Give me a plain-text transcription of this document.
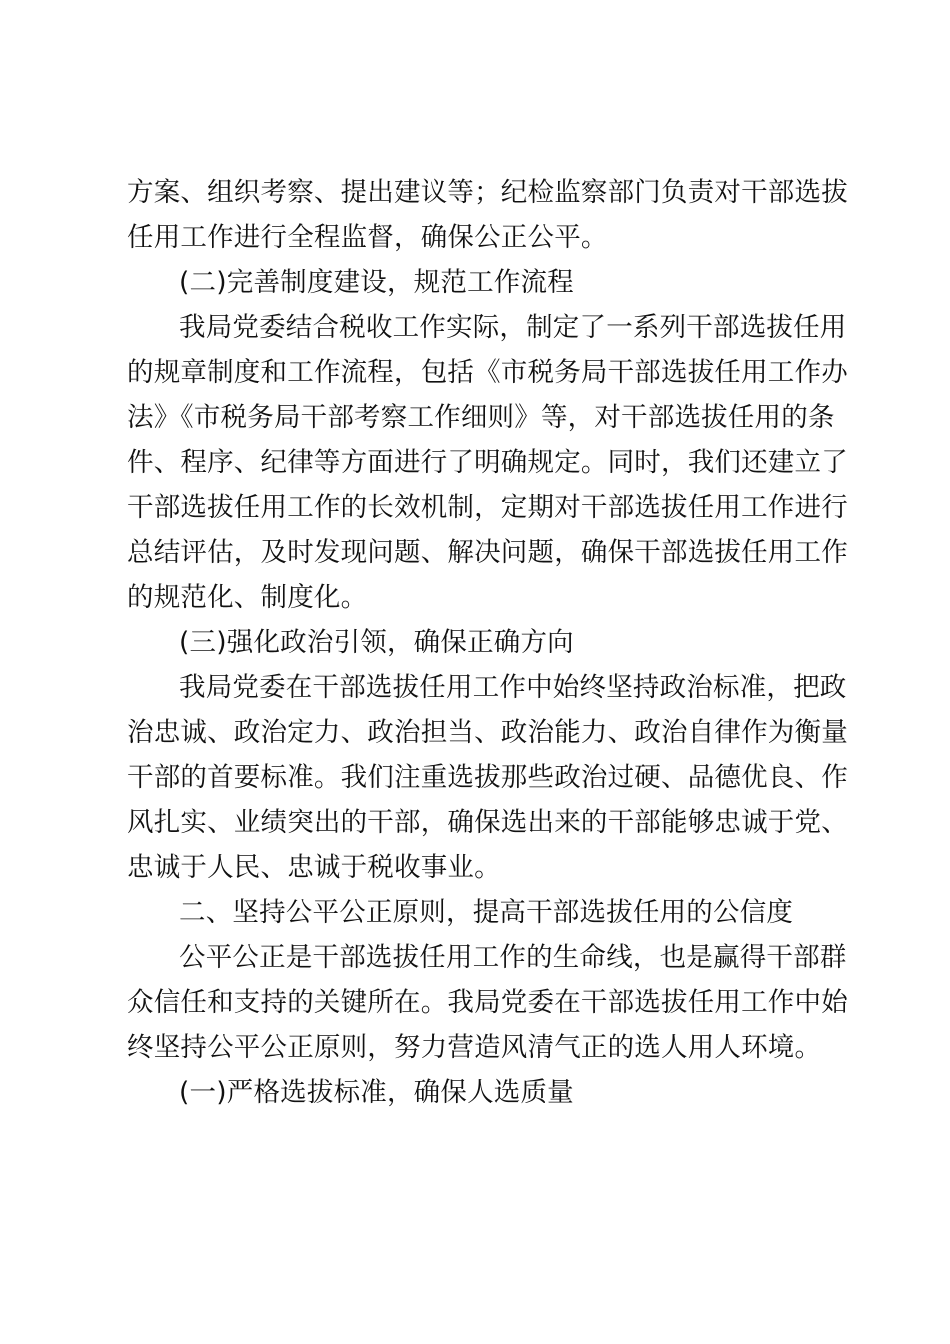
方案、组织考察、提出建议等；纪检监察部门负责对干部选拔
任用工作进行全程监督，确保公正公平。
(二)完善制度建设，规范工作流程
我局党委结合税收工作实际，制定了一系列干部选拔任用
的规章制度和工作流程，包括《市税务局干部选拔任用工作办
法》《市税务局干部考察工作细则》等，对干部选拔任用的条
件、程序、纪律等方面进行了明确规定。同时，我们还建立了
干部选拔任用工作的长效机制，定期对干部选拔任用工作进行
总结评估，及时发现问题、解决问题，确保干部选拔任用工作
的规范化、制度化。
(三)强化政治引领，确保正确方向
我局党委在干部选拔任用工作中始终坚持政治标准，把政
治忠诚、政治定力、政治担当、政治能力、政治自律作为衡量
干部的首要标准。我们注重选拔那些政治过硬、品德优良、作
风扎实、业绩突出的干部，确保选出来的干部能够忠诚于党、
忠诚于人民、忠诚于税收事业。
二、坚持公平公正原则，提高干部选拔任用的公信度
公平公正是干部选拔任用工作的生命线，也是赢得干部群
众信任和支持的关键所在。我局党委在干部选拔任用工作中始
终坚持公平公正原则，努力营造风清气正的选人用人环境。
(一)严格选拔标准，确保人选质量
